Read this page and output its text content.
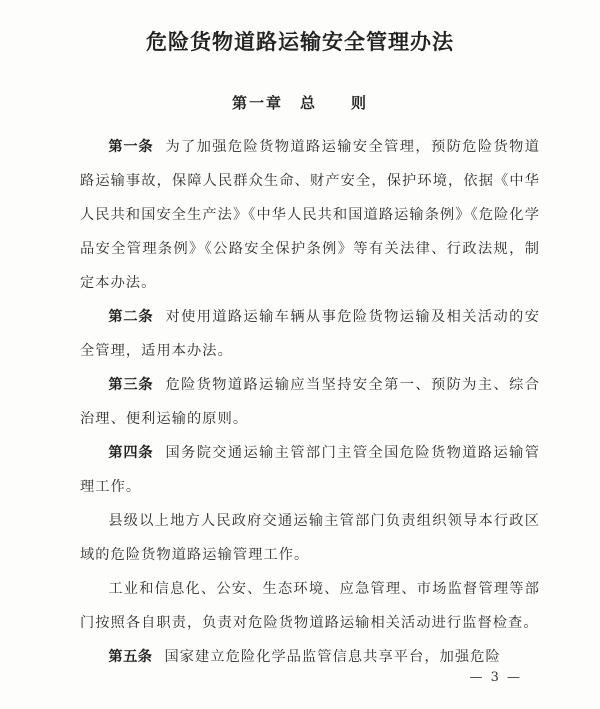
危险货物道路运输安全管理办法
第一章　总　　则

第一条 为了加强危险货物道路运输安全管理，预防危险货物道路运输事故，保障人民群众生命、财产安全，保护环境，依据《中华人民共和国安全生产法》《中华人民共和国道路运输条例》《危险化学品安全管理条例》《公路安全保护条例》等有关法律、行政法规，制定本办法。

第二条 对使用道路运输车辆从事危险货物运输及相关活动的安全管理，适用本办法。

第三条 危险货物道路运输应当坚持安全第一、预防为主、综合治理、便利运输的原则。

第四条 国务院交通运输主管部门主管全国危险货物道路运输管理工作。

县级以上地方人民政府交通运输主管部门负责组织领导本行政区域的危险货物道路运输管理工作。

工业和信息化、公安、生态环境、应急管理、市场监督管理等部门按照各自职责，负责对危险货物道路运输相关活动进行监督检查。

第五条 国家建立危险化学品监管信息共享平台，加强危险

— 3 —
